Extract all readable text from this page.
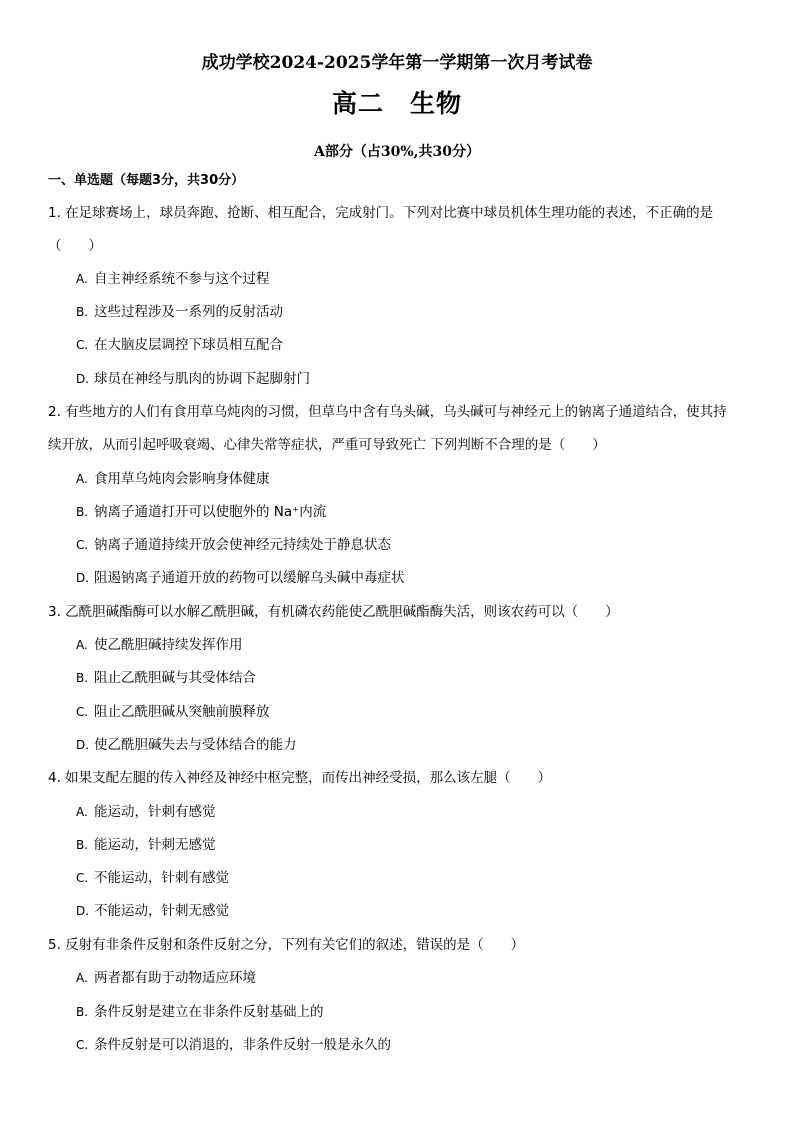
成功学校2024-2025学年第一学期第一次月考试卷
高二　生物
A部分（占30%,共30分）
一、单选题（每题3分，共30分）
1. 在足球赛场上，球员奔跑、抢断、相互配合，完成射门。下列对比赛中球员机体生理功能的表述，不正确的是
（　　）
A. 自主神经系统不参与这个过程
B. 这些过程涉及一系列的反射活动
C. 在大脑皮层调控下球员相互配合
D. 球员在神经与肌肉的协调下起脚射门
2. 有些地方的人们有食用草乌炖肉的习惯，但草乌中含有乌头碱，乌头碱可与神经元上的钠离子通道结合，使其持
续开放，从而引起呼吸衰竭、心律失常等症状，严重可导致死亡 下列判断不合理的是（　　）
A. 食用草乌炖肉会影响身体健康
B. 钠离子通道打开可以使胞外的 Na⁺内流
C. 钠离子通道持续开放会使神经元持续处于静息状态
D. 阻遏钠离子通道开放的药物可以缓解乌头碱中毒症状
3. 乙酰胆碱酯酶可以水解乙酰胆碱，有机磷农药能使乙酰胆碱酯酶失活，则该农药可以（　　）
A. 使乙酰胆碱持续发挥作用
B. 阻止乙酰胆碱与其受体结合
C. 阻止乙酰胆碱从突触前膜释放
D. 使乙酰胆碱失去与受体结合的能力
4. 如果支配左腿的传入神经及神经中枢完整，而传出神经受损，那么该左腿（　　）
A. 能运动，针刺有感觉
B. 能运动，针刺无感觉
C. 不能运动，针刺有感觉
D. 不能运动，针刺无感觉
5. 反射有非条件反射和条件反射之分，下列有关它们的叙述，错误的是（　　）
A. 两者都有助于动物适应环境
B. 条件反射是建立在非条件反射基础上的
C. 条件反射是可以消退的，非条件反射一般是永久的
